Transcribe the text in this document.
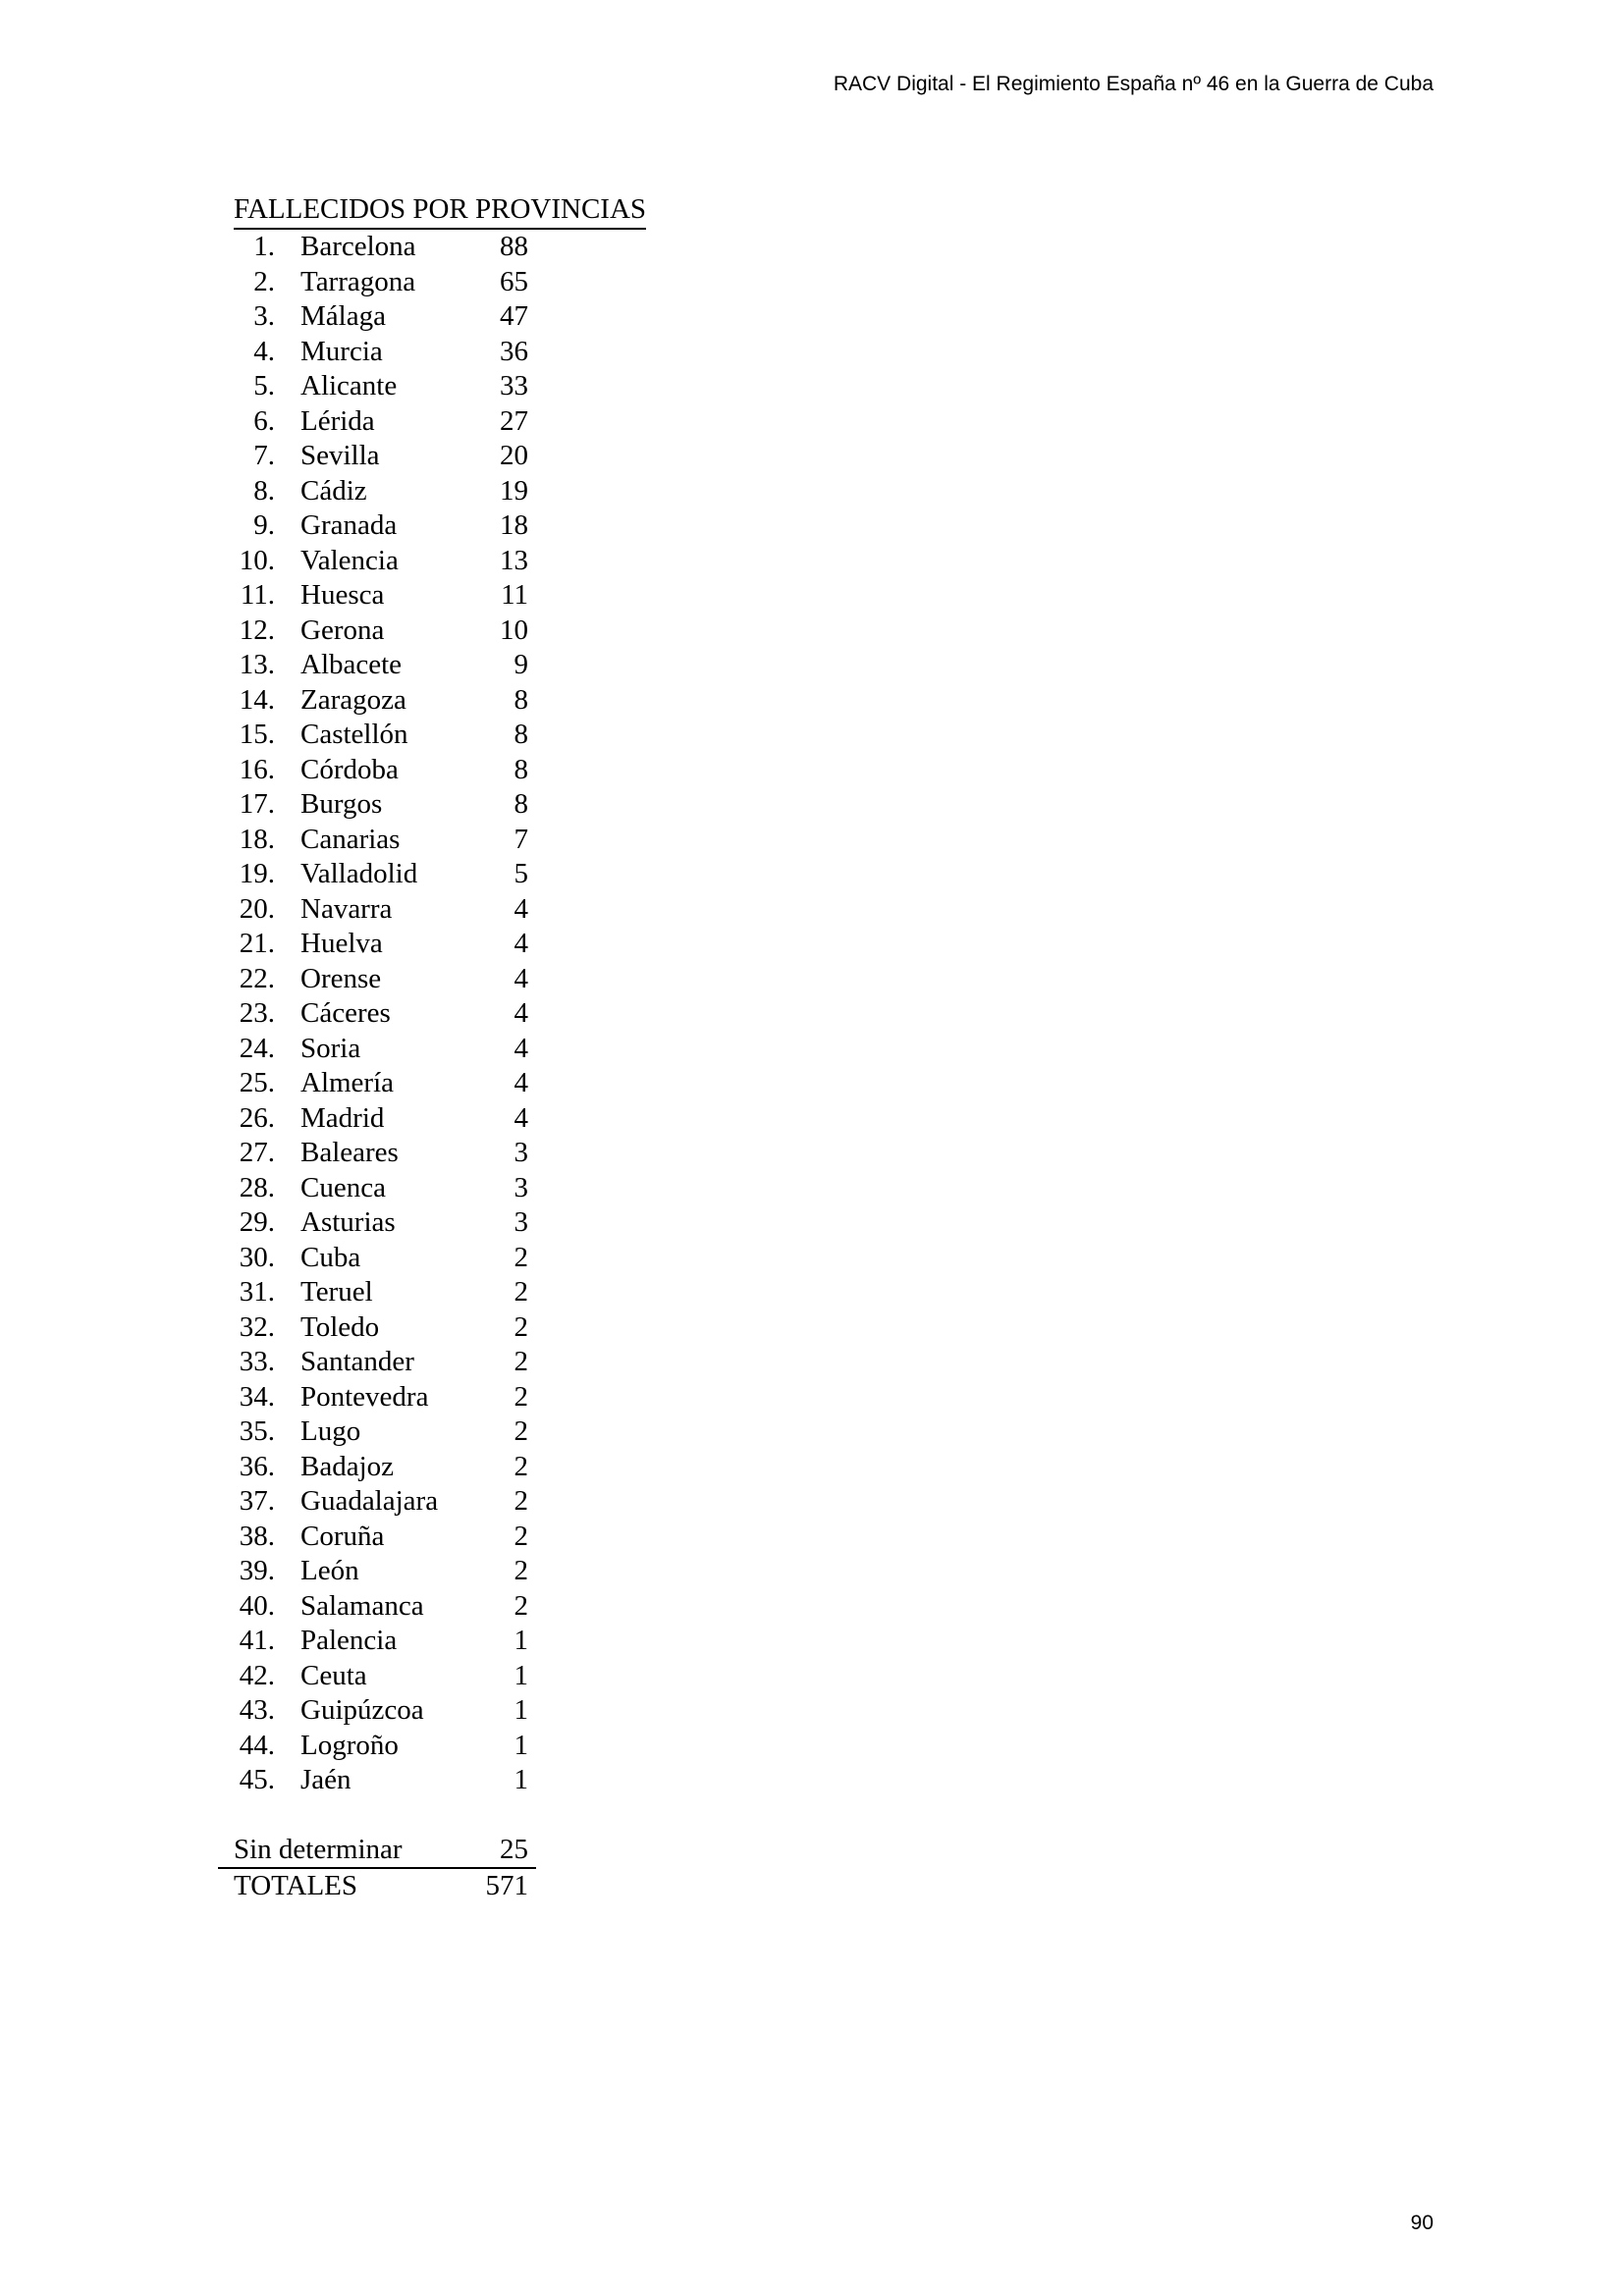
RACV Digital - El Regimiento España nº 46 en la Guerra de Cuba
FALLECIDOS POR PROVINCIAS
1. Barcelona	88
2. Tarragona	65
3. Málaga	47
4. Murcia	36
5. Alicante	33
6. Lérida	27
7. Sevilla	20
8. Cádiz	19
9. Granada	18
10. Valencia	13
11. Huesca	11
12. Gerona	10
13. Albacete	9
14. Zaragoza	8
15. Castellón	8
16. Córdoba	8
17. Burgos	8
18. Canarias	7
19. Valladolid	5
20. Navarra	4
21. Huelva	4
22. Orense	4
23. Cáceres	4
24. Soria	4
25. Almería	4
26. Madrid	4
27. Baleares	3
28. Cuenca	3
29. Asturias	3
30. Cuba	2
31. Teruel	2
32. Toledo	2
33. Santander	2
34. Pontevedra	2
35. Lugo	2
36. Badajoz	2
37. Guadalajara	2
38. Coruña	2
39. León	2
40. Salamanca	2
41. Palencia	1
42. Ceuta	1
43. Guipúzcoa	1
44. Logroño	1
45. Jaén	1
Sin determinar	25
TOTALES	571
90
